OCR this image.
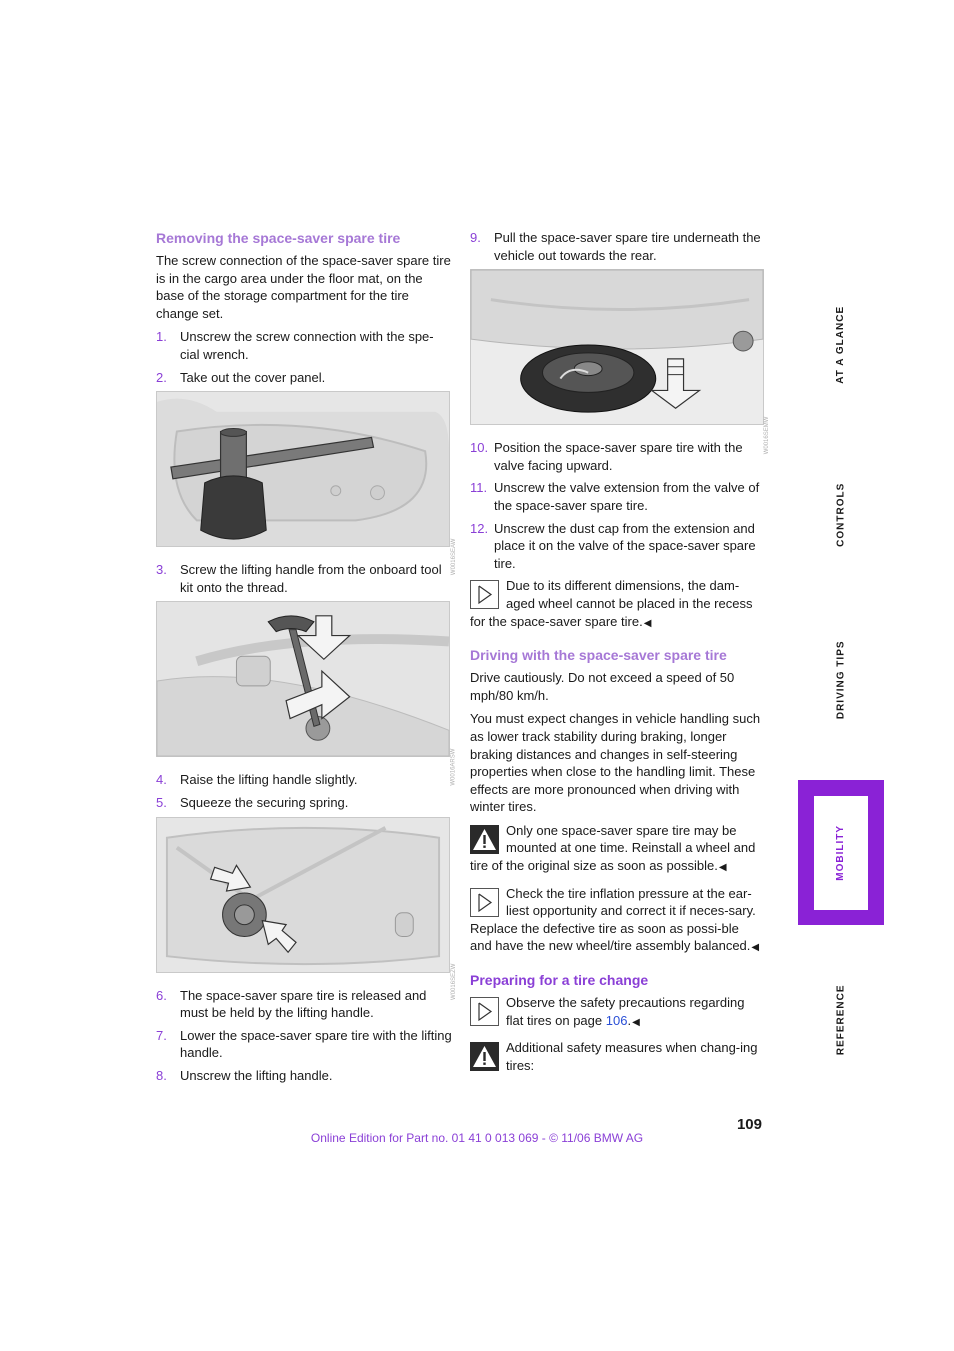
Removing the space-saver spare tire

The screw connection of the space-saver spare tire is in the cargo area under the floor mat, on the base of the storage compartment for the tire change set.

1.	Unscrew the screw connection with the spe-cial wrench.
2.	Take out the cover panel.
W0016SEAW
3.	Screw the lifting handle from the onboard tool kit onto the thread.
W0016ARSW
4.	Raise the lifting handle slightly.
5.	Squeeze the securing spring.
W0016SEZW
6.	The space-saver spare tire is released and must be held by the lifting handle.
7.	Lower the space-saver spare tire with the lifting handle.
8.	Unscrew the lifting handle.
9.	Pull the space-saver spare tire underneath the vehicle out towards the rear.
W0016SEMW
10. Position the space-saver spare tire with the valve facing upward.
11. Unscrew the valve extension from the valve of the space-saver spare tire.
12. Unscrew the dust cap from the extension and place it on the valve of the space-saver spare tire.
Due to its different dimensions, the dam-aged wheel cannot be placed in the recess for the space-saver spare tire.◀
Driving with the space-saver spare tire

Drive cautiously. Do not exceed a speed of 50 mph/80 km/h.

You must expect changes in vehicle handling such as lower track stability during braking, longer braking distances and changes in self-steering properties when close to the handling limit. These effects are more pronounced when driving with winter tires.

Only one space-saver spare tire may be mounted at one time. Reinstall a wheel and tire of the original size as soon as possible.◀
Check the tire inflation pressure at the ear-liest opportunity and correct it if neces-sary. Replace the defective tire as soon as possi-ble and have the new wheel/tire assembly balanced.◀
Preparing for a tire change
Observe the safety precautions regarding flat tires on page 106.◀
Additional safety measures when chang-ing tires:
AT A GLANCE
CONTROLS
DRIVING TIPS
MOBILITY
REFERENCE
109
Online Edition for Part no. 01 41 0 013 069 - © 11/06 BMW AG
